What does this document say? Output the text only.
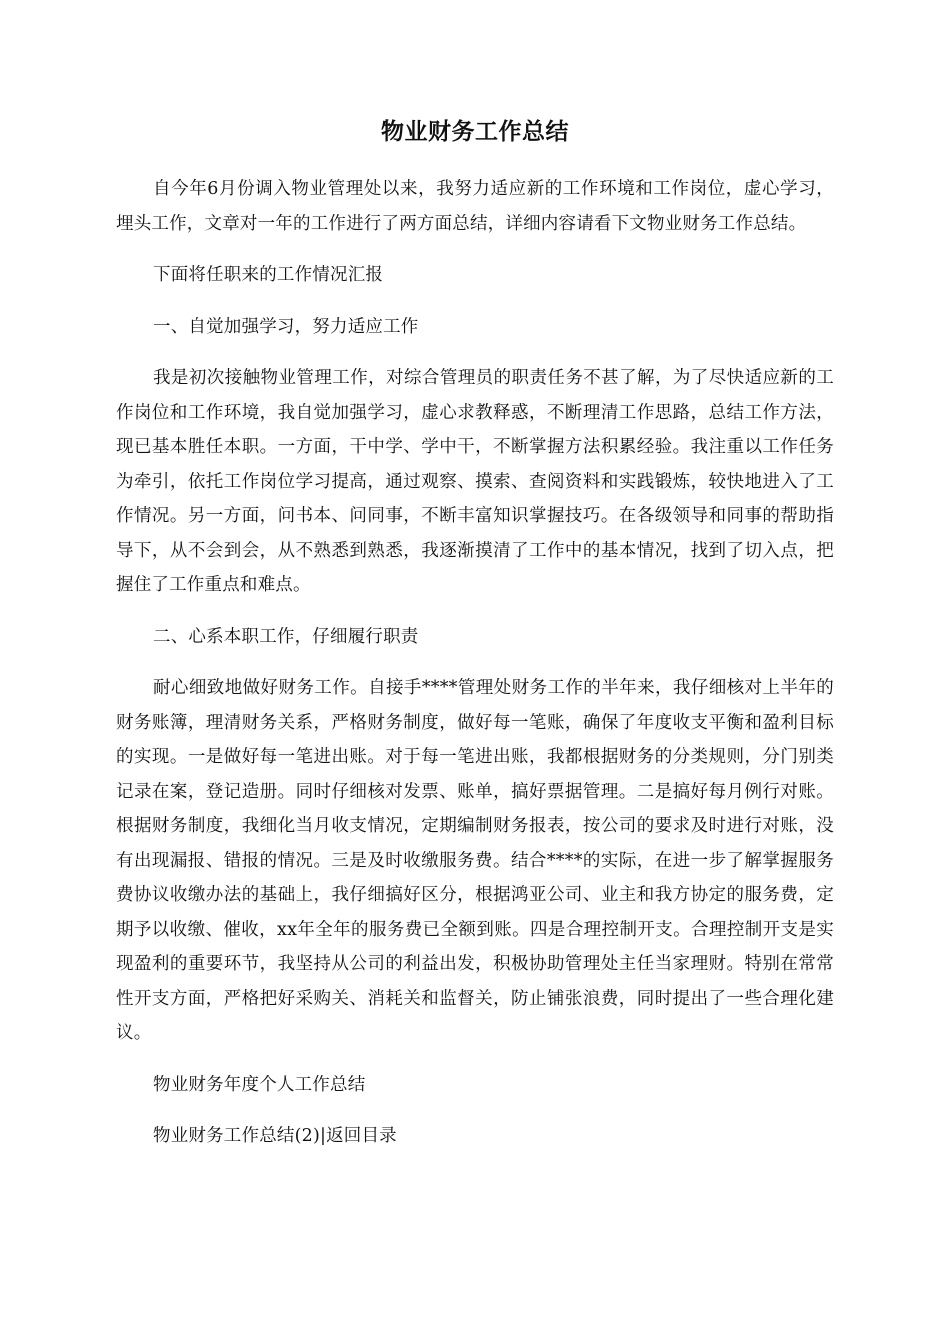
物业财务工作总结

自今年6月份调入物业管理处以来，我努力适应新的工作环境和工作岗位，虚心学习，埋头工作，文章对一年的工作进行了两方面总结，详细内容请看下文物业财务工作总结。

下面将任职来的工作情况汇报

一、自觉加强学习，努力适应工作

我是初次接触物业管理工作，对综合管理员的职责任务不甚了解，为了尽快适应新的工作岗位和工作环境，我自觉加强学习，虚心求教释惑，不断理清工作思路，总结工作方法，现已基本胜任本职。一方面，干中学、学中干，不断掌握方法积累经验。我注重以工作任务为牵引，依托工作岗位学习提高，通过观察、摸索、查阅资料和实践锻炼，较快地进入了工作情况。另一方面，问书本、问同事，不断丰富知识掌握技巧。在各级领导和同事的帮助指导下，从不会到会，从不熟悉到熟悉，我逐渐摸清了工作中的基本情况，找到了切入点，把握住了工作重点和难点。

二、心系本职工作，仔细履行职责

耐心细致地做好财务工作。自接手****管理处财务工作的半年来，我仔细核对上半年的财务账簿，理清财务关系，严格财务制度，做好每一笔账，确保了年度收支平衡和盈利目标的实现。一是做好每一笔进出账。对于每一笔进出账，我都根据财务的分类规则，分门别类记录在案，登记造册。同时仔细核对发票、账单，搞好票据管理。二是搞好每月例行对账。根据财务制度，我细化当月收支情况，定期编制财务报表，按公司的要求及时进行对账，没有出现漏报、错报的情况。三是及时收缴服务费。结合****的实际，在进一步了解掌握服务费协议收缴办法的基础上，我仔细搞好区分，根据鸿亚公司、业主和我方协定的服务费，定期予以收缴、催收，xx年全年的服务费已全额到账。四是合理控制开支。合理控制开支是实现盈利的重要环节，我坚持从公司的利益出发，积极协助管理处主任当家理财。特别在常常性开支方面，严格把好采购关、消耗关和监督关，防止铺张浪费，同时提出了一些合理化建议。

物业财务年度个人工作总结

物业财务工作总结(2)|返回目录
